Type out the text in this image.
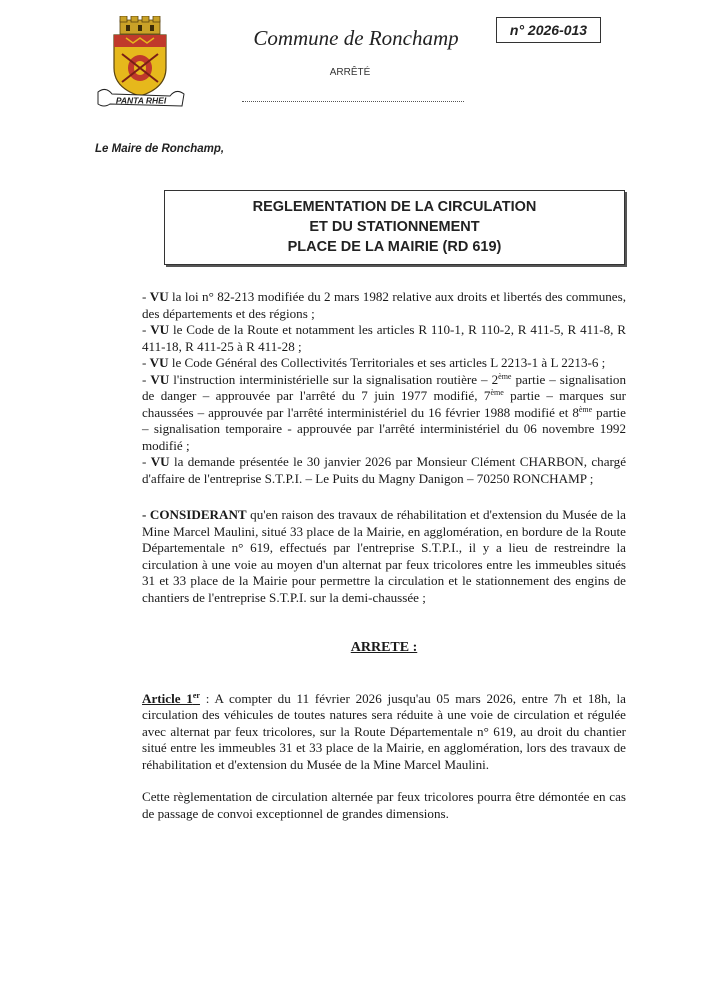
PANTA RHEI
Commune de Ronchamp
ARRÊTÉ
n° 2026-013
Le Maire de Ronchamp,
REGLEMENTATION DE LA CIRCULATION
ET DU STATIONNEMENT
PLACE DE LA MAIRIE (RD 619)

- VU la loi n° 82-213 modifiée du 2 mars 1982 relative aux droits et libertés des communes, des départements et des régions ;

- VU le Code de la Route et notamment les articles R 110-1, R 110-2, R 411-5, R 411-8, R 411-18, R 411-25 à R 411-28 ;

- VU le Code Général des Collectivités Territoriales et ses articles L 2213-1 à L 2213-6 ;

- VU l'instruction interministérielle sur la signalisation routière – 2ème partie – signalisation de danger – approuvée par l'arrêté du 7 juin 1977 modifié, 7ème partie – marques sur chaussées – approuvée par l'arrêté interministériel du 16 février 1988 modifié et 8ème partie – signalisation temporaire - approuvée par l'arrêté interministériel du 06 novembre 1992 modifié ;

- VU la demande présentée le 30 janvier 2026 par Monsieur Clément CHARBON, chargé d'affaire de l'entreprise S.T.P.I. – Le Puits du Magny Danigon – 70250 RONCHAMP ;

- CONSIDERANT qu'en raison des travaux de réhabilitation et d'extension du Musée de la Mine Marcel Maulini, situé 33 place de la Mairie, en agglomération, en bordure de la Route Départementale n° 619, effectués par l'entreprise S.T.P.I., il y a lieu de restreindre la circulation à une voie au moyen d'un alternat par feux tricolores entre les immeubles situés 31 et 33 place de la Mairie pour permettre la circulation et le stationnement des engins de chantiers de l'entreprise S.T.P.I. sur la demi-chaussée ;

ARRETE :

Article 1er : A compter du 11 février 2026 jusqu'au 05 mars 2026, entre 7h et 18h, la circulation des véhicules de toutes natures sera réduite à une voie de circulation et régulée avec alternat par feux tricolores, sur la Route Départementale n° 619, au droit du chantier situé entre les immeubles 31 et 33 place de la Mairie, en agglomération, lors des travaux de réhabilitation et d'extension du Musée de la Mine Marcel Maulini.

Cette règlementation de circulation alternée par feux tricolores pourra être démontée en cas de passage de convoi exceptionnel de grandes dimensions.
